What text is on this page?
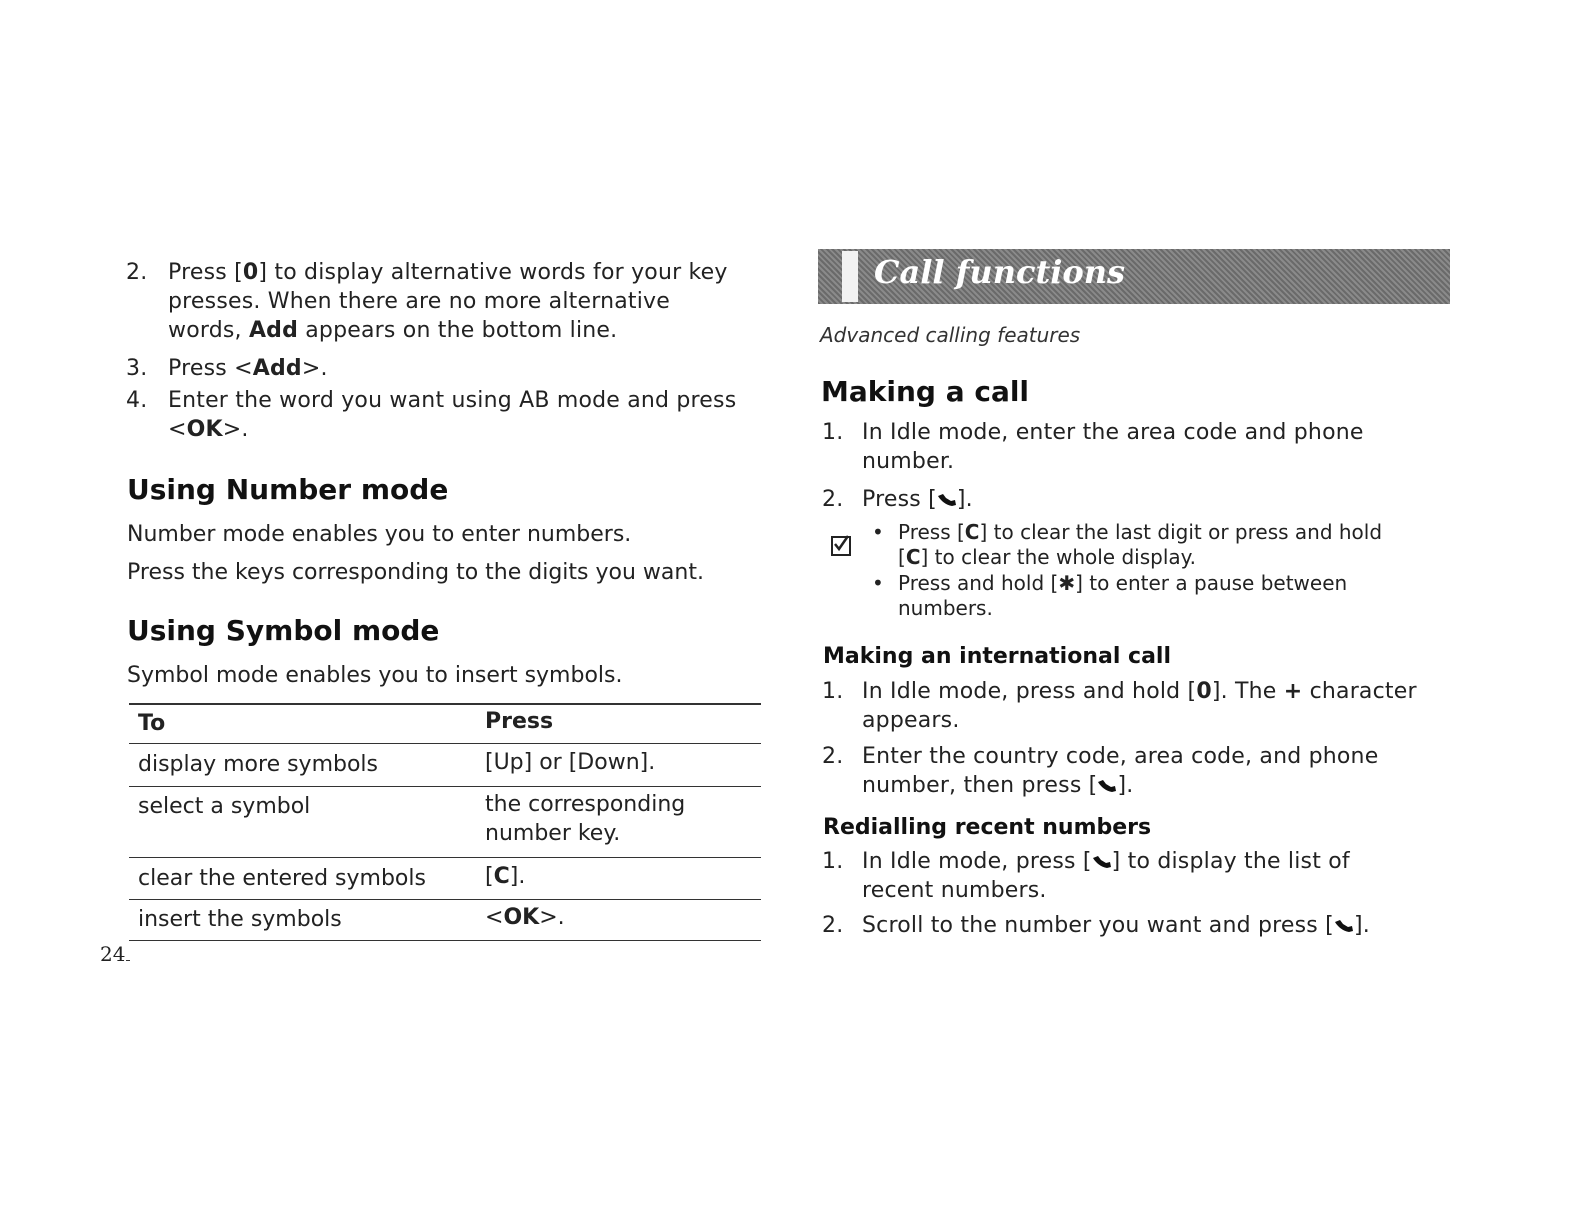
2. Press [0] to display alternative words for your key
presses. When there are no more alternative
words, Add appears on the bottom line.
3. Press <Add>.
4. Enter the word you want using AB mode and press
<OK>.
Using Number mode
Number mode enables you to enter numbers.
Press the keys corresponding to the digits you want.
Using Symbol mode
Symbol mode enables you to insert symbols.
To	Press
display more symbols	[Up] or [Down].
select a symbol	the corresponding
number key.
clear the entered symbols	[C].
insert the symbols	<OK>.
24
Call functions
Advanced calling features
Making a call
1. In Idle mode, enter the area code and phone
number.
2. Press [ ].
• Press [C] to clear the last digit or press and hold
[C] to clear the whole display.
• Press and hold [✱] to enter a pause between
numbers.
Making an international call
1. In Idle mode, press and hold [0]. The + character
appears.
2. Enter the country code, area code, and phone
number, then press [ ].
Redialling recent numbers
1. In Idle mode, press [ ] to display the list of
recent numbers.
2. Scroll to the number you want and press [ ].
